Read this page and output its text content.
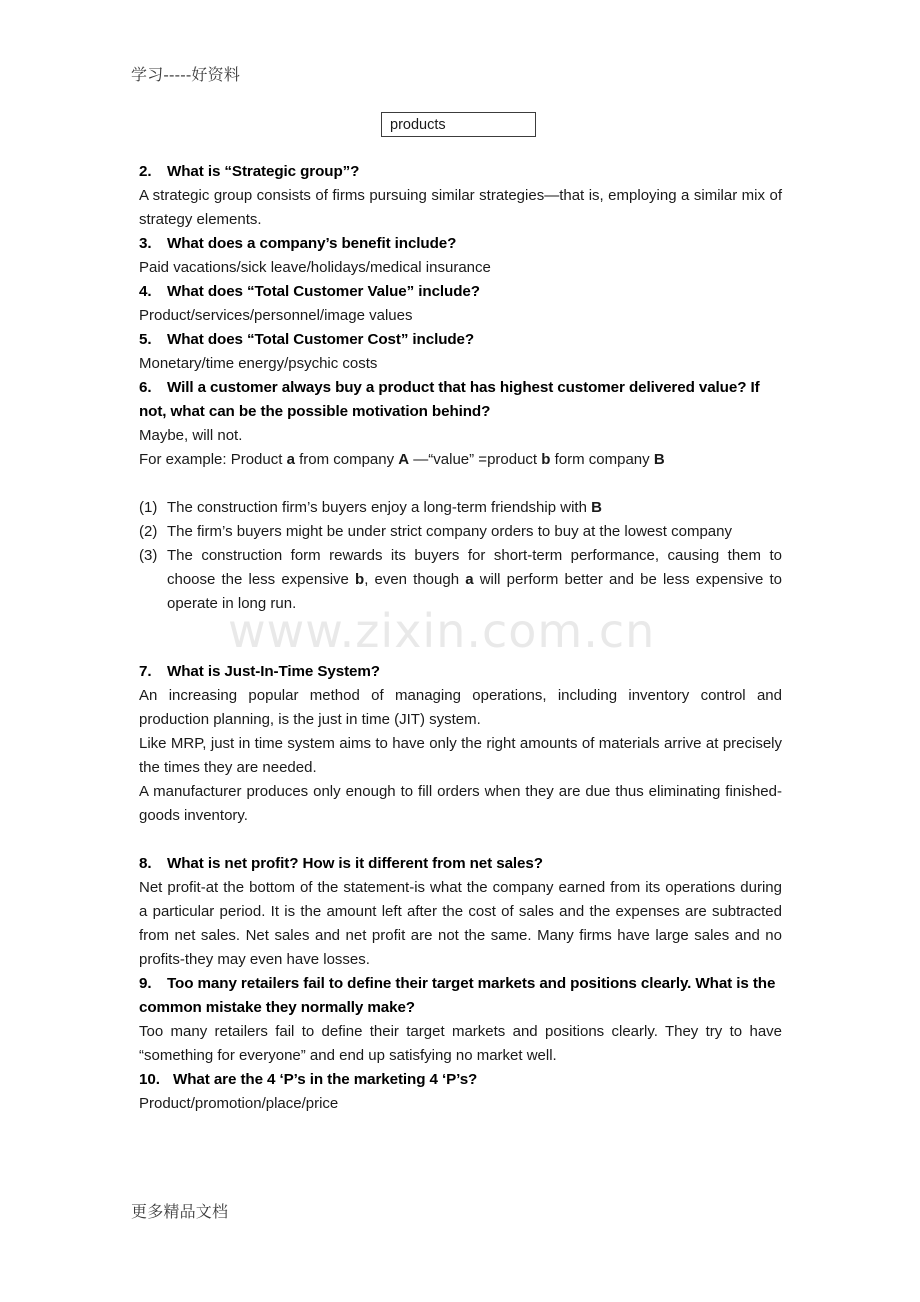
学习-----好资料
www.zixin.com.cn
products

2. What is “Strategic group”?

A strategic group consists of firms pursuing similar strategies—that is, employing a similar mix of strategy elements.

3. What does a company’s benefit include?

Paid vacations/sick leave/holidays/medical insurance

4. What does “Total Customer Value” include?

Product/services/personnel/image values

5. What does “Total Customer Cost” include?

Monetary/time energy/psychic costs

6. Will a customer always buy a product that has highest customer delivered value? If not, what can be the possible motivation behind?

Maybe, will not.

For example: Product a from company A —“value” =product b form company B

(1) The construction firm’s buyers enjoy a long-term friendship with B
(2) The firm’s buyers might be under strict company orders to buy at the lowest company
(3) The construction form rewards its buyers for short-term performance, causing them to choose the less expensive b, even though a will perform better and be less expensive to operate in long run.

7. What is Just-In-Time System?

An increasing popular method of managing operations, including inventory control and production planning, is the just in time (JIT) system.

Like MRP, just in time system aims to have only the right amounts of materials arrive at precisely the times they are needed.

A manufacturer produces only enough to fill orders when they are due thus eliminating finished-goods inventory.

8. What is net profit? How is it different from net sales?

Net profit-at the bottom of the statement-is what the company earned from its operations during a particular period. It is the amount left after the cost of sales and the expenses are subtracted from net sales. Net sales and net profit are not the same. Many firms have large sales and no profits-they may even have losses.

9. Too many retailers fail to define their target markets and positions clearly. What is the common mistake they normally make?

Too many retailers fail to define their target markets and positions clearly. They try to have “something for everyone” and end up satisfying no market well.

10. What are the 4 ‘P’s in the marketing 4 ‘P’s?

Product/promotion/place/price

更多精品文档
